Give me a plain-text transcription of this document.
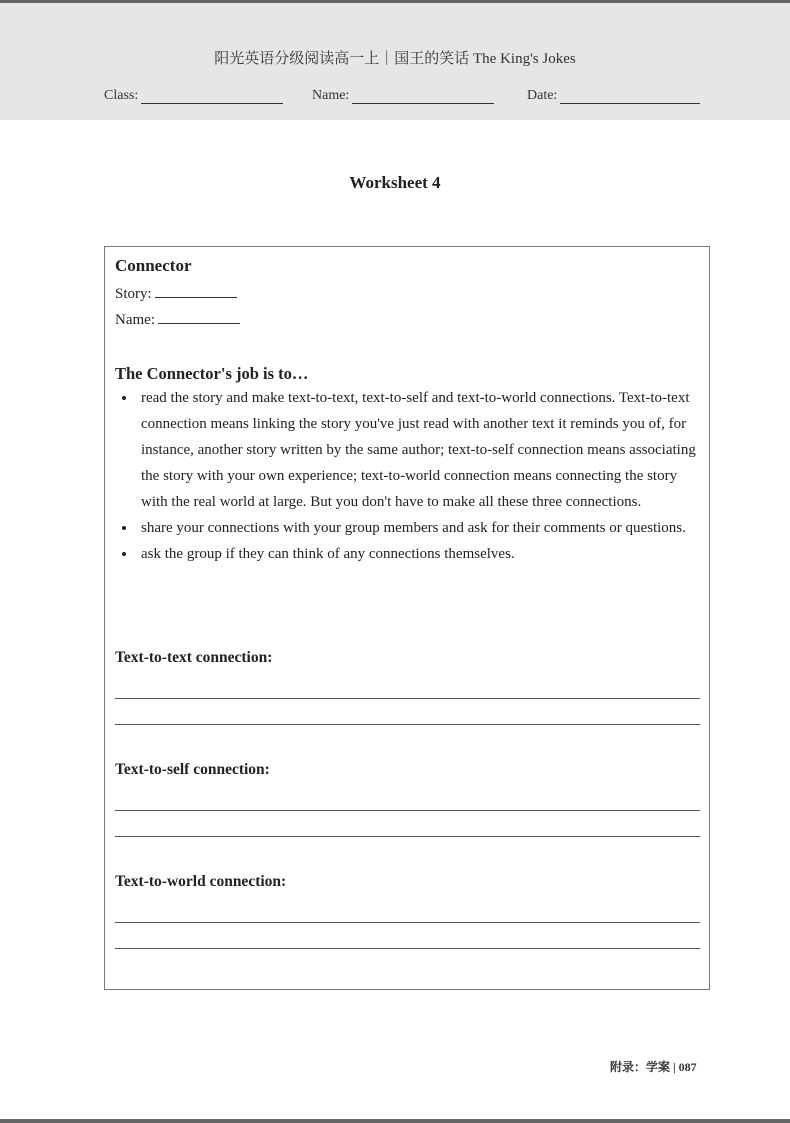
阳光英语分级阅读高一上｜国王的笑话 The King's Jokes
Class:	Name:	Date:
Worksheet 4
Connector
Story:
Name:
The Connector's job is to…
• read the story and make text-to-text, text-to-self and text-to-world connections. Text-to-text connection means linking the story you've just read with another text it reminds you of, for instance, another story written by the same author; text-to-self connection means associating the story with your own experience; text-to-world connection means connecting the story with the real world at large. But you don't have to make all these three connections.
• share your connections with your group members and ask for their comments or questions.
• ask the group if they can think of any connections themselves.
Text-to-text connection:
Text-to-self connection:
Text-to-world connection:
附录：学案 | 087
